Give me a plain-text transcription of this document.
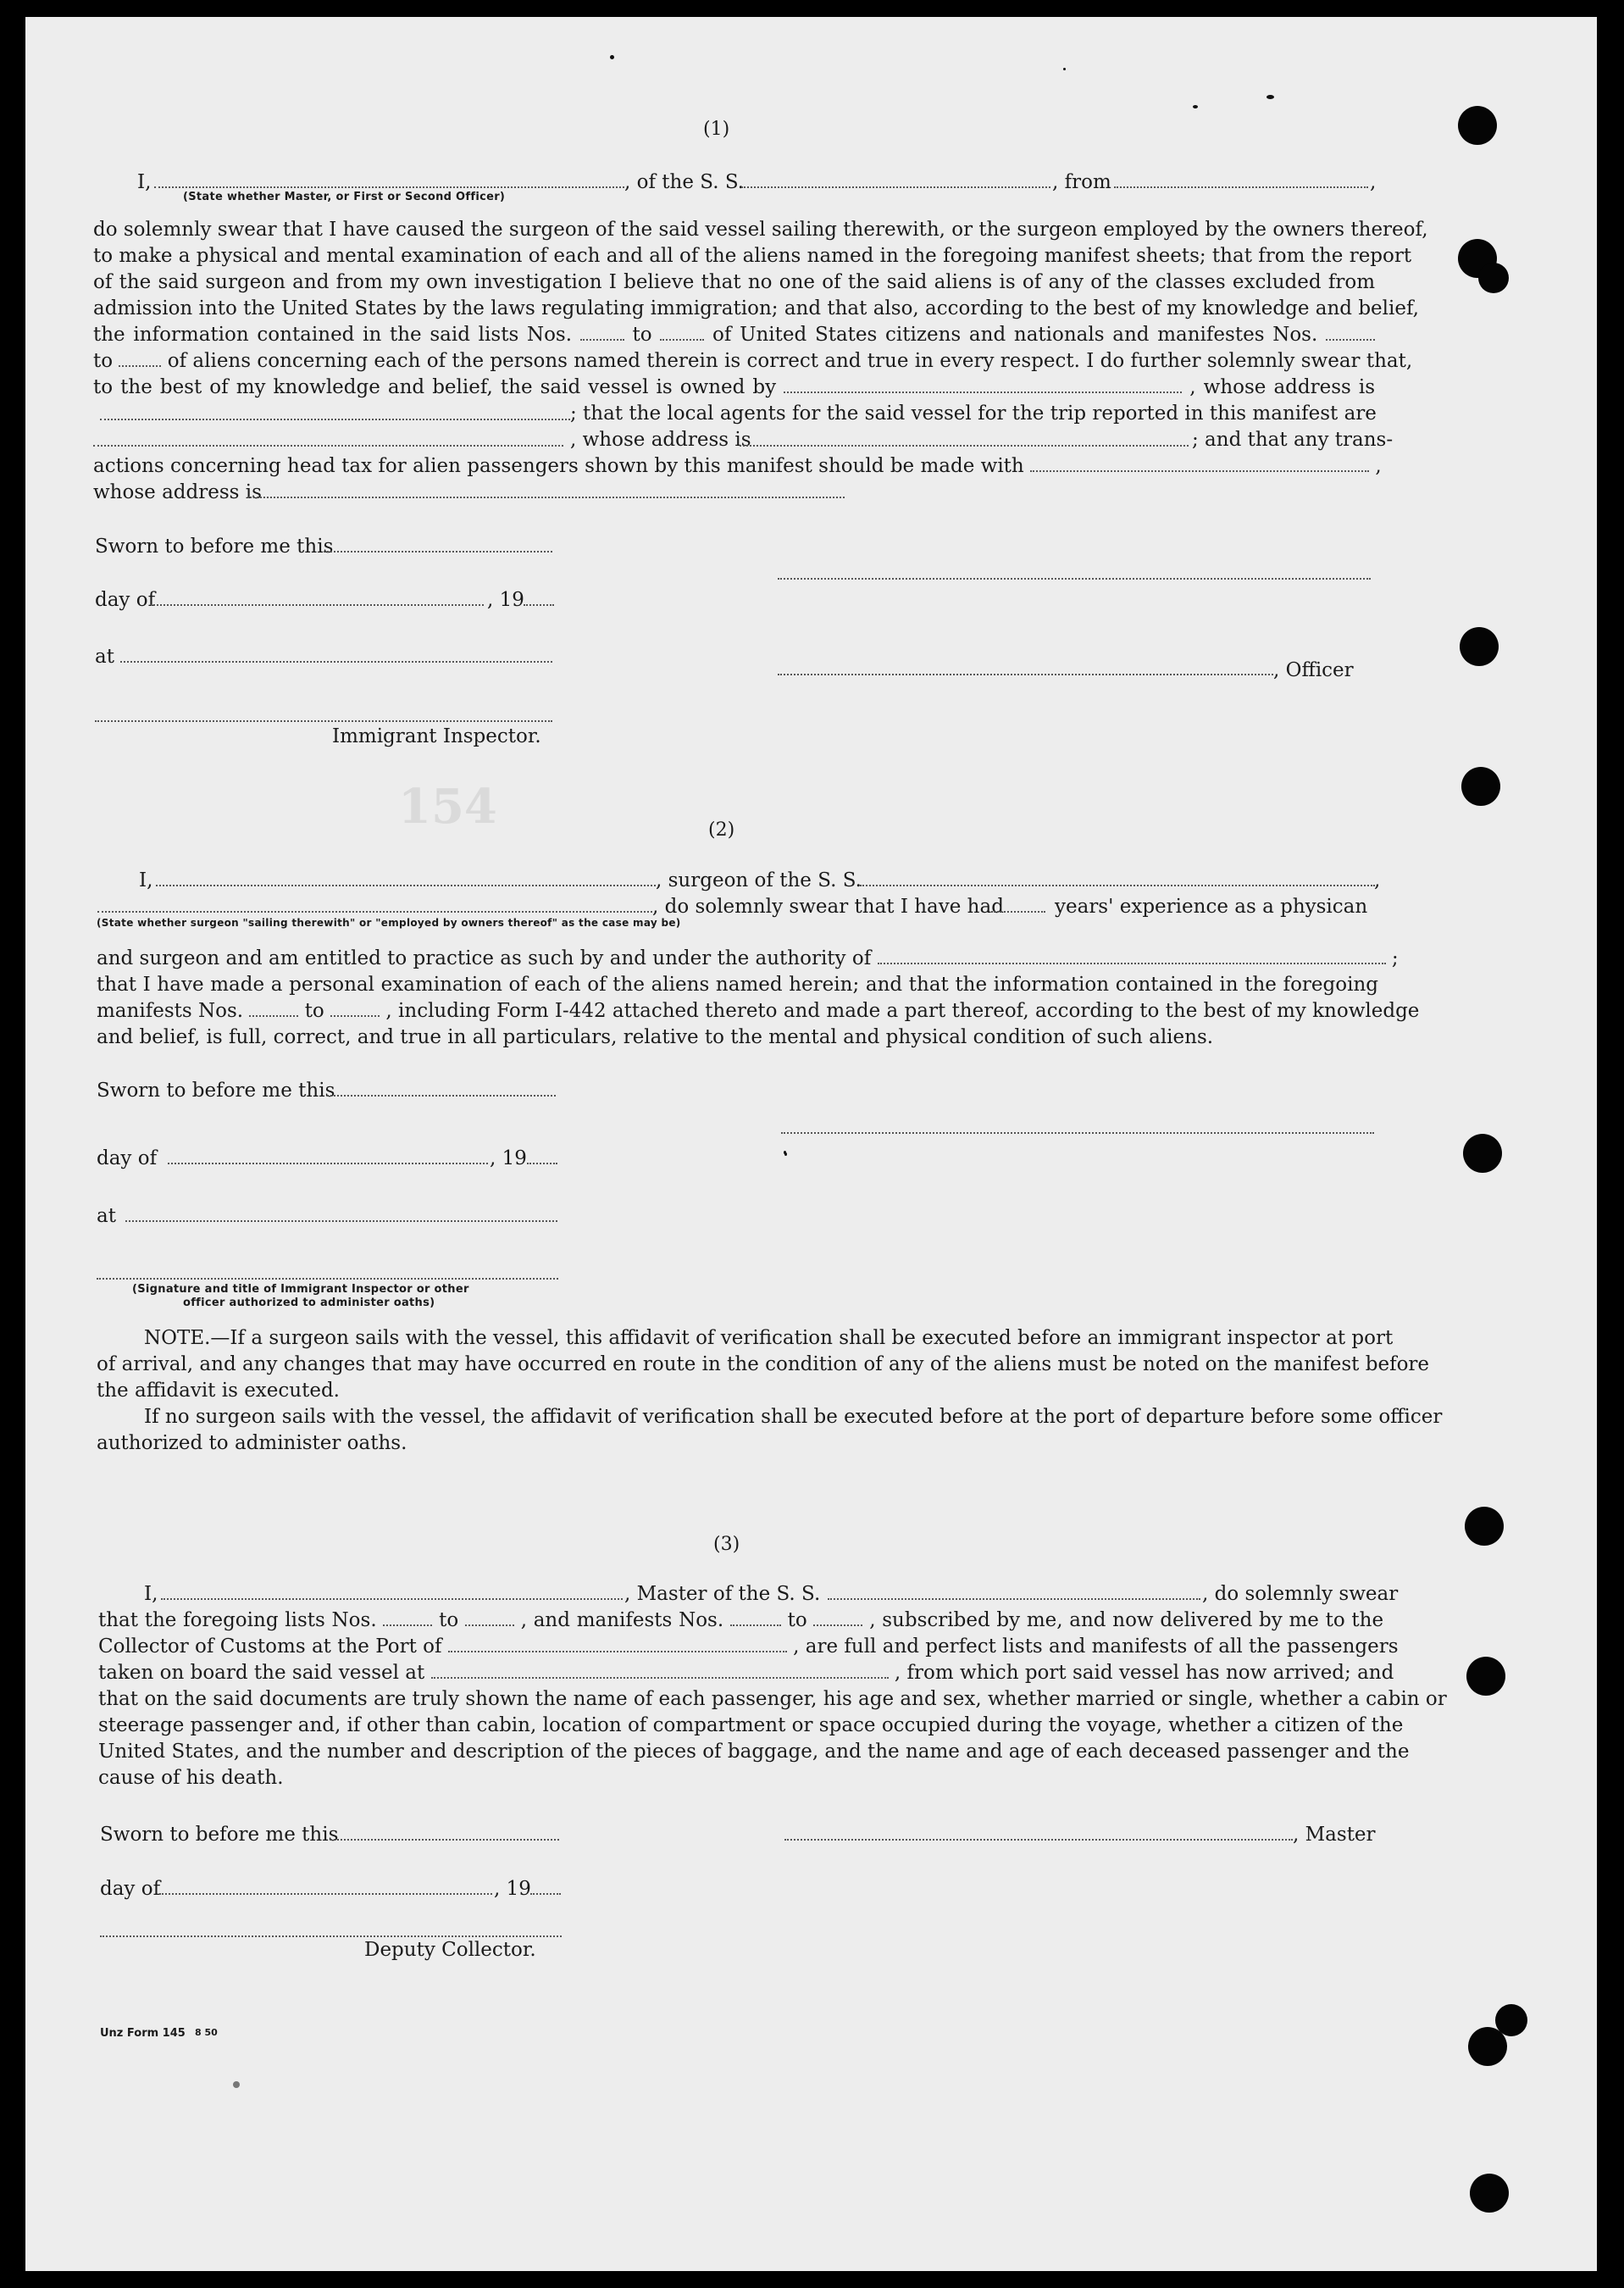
154
(1)
I,	, of the S. S.	, from	,
(State whether Master, or First or Second Officer)
do solemnly swear that I have caused the surgeon of the said vessel sailing therewith, or the surgeon employed by the owners thereof,
to make a physical and mental examination of each and all of the aliens named in the foregoing manifest sheets; that from the report
of the said surgeon and from my own investigation I believe that no one of the said aliens is of any of the classes excluded from
admission into the United States by the laws regulating immigration; and that also, according to the best of my knowledge and belief,
the information contained in the said lists Nos.	to	of United States citizens and nationals and manifestes Nos.
to	of aliens concerning each of the persons named therein is correct and true in every respect. I do further solemnly swear that,
to the best of my knowledge and belief, the said vessel is owned by	, whose address is
; that the local agents for the said vessel for the trip reported in this manifest are
, whose address is	; and that any trans-
actions concerning head tax for alien passengers shown by this manifest should be made with	,
whose address is
Sworn to before me this
day of	, 19
at
, Officer
Immigrant Inspector.
(2)
I,	, surgeon of the S. S.	,
, do solemnly swear that I have had	years' experience as a physican
(State whether surgeon "sailing therewith" or "employed by owners thereof" as the case may be)
and surgeon and am entitled to practice as such by and under the authority of	;
that I have made a personal examination of each of the aliens named herein; and that the information contained in the foregoing
manifests Nos.	to	, including Form I-442 attached thereto and made a part thereof, according to the best of my knowledge
and belief, is full, correct, and true in all particulars, relative to the mental and physical condition of such aliens.
Sworn to before me this
day of	, 19
at
(Signature and title of Immigrant Inspector or other
officer authorized to administer oaths)
NOTE.—If a surgeon sails with the vessel, this affidavit of verification shall be executed before an immigrant inspector at port
of arrival, and any changes that may have occurred en route in the condition of any of the aliens must be noted on the manifest before
the affidavit is executed.
If no surgeon sails with the vessel, the affidavit of verification shall be executed before at the port of departure before some officer
authorized to administer oaths.
(3)
I,	, Master of the S. S.	, do solemnly swear
that the foregoing lists Nos.	to	, and manifests Nos.	to	, subscribed by me, and now delivered by me to the
Collector of Customs at the Port of	, are full and perfect lists and manifests of all the passengers
taken on board the said vessel at	, from which port said vessel has now arrived; and
that on the said documents are truly shown the name of each passenger, his age and sex, whether married or single, whether a cabin or
steerage passenger and, if other than cabin, location of compartment or space occupied during the voyage, whether a citizen of the
United States, and the number and description of the pieces of baggage, and the name and age of each deceased passenger and the
cause of his death.
Sworn to before me this	, Master
day of	, 19
Deputy Collector.
Unz Form 145 8 50
